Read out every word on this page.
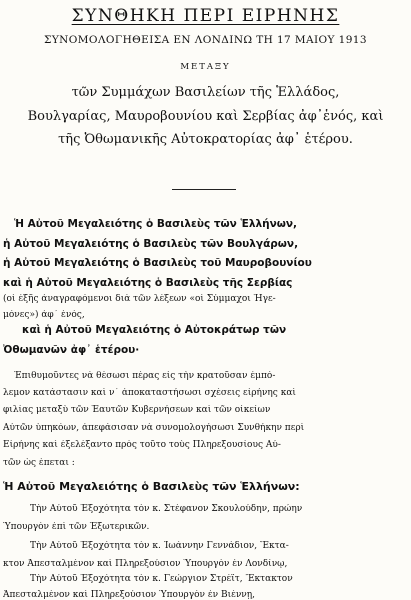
ΣΥΝΘΗΚΗ ΠΕΡΙ ΕΙΡΗΝΗΣ
ΣΥΝΟΜΟΛΟΓΗΘΕΙΣΑ ΕΝ ΛΟΝΔΙΝΩ ΤΗ 17 ΜΑΙΟΥ 1913
ΜΕΤΑΞΥ
τῶν Συμμάχων Βασιλείων τῆς Ἑλλάδος,
Βουλγαρίας, Μαυροβουνίου καὶ Σερβίας ἀφ᾽ἑνός, καὶ
τῆς Ὀθωμανικῆς Αὐτοκρατορίας ἀφ᾽ ἑτέρου.
Ἡ Αὐτοῦ Μεγαλειότης ὁ Βασιλεὺς τῶν Ἑλλήνων,
ἡ Αὐτοῦ Μεγαλειότης ὁ Βασιλεὺς τῶν Βουλγάρων,
ἡ Αὐτοῦ Μεγαλειότης ὁ Βασιλεὺς τοῦ Μαυροβουνίου
καὶ ἡ Αὐτοῦ Μεγαλειότης ὁ Βασιλεὺς τῆς Σερβίας
(οἱ ἐξῆς ἀναγραφόμενοι διὰ τῶν λέξεων «οἱ Σύμμαχοι Ἡγε-
μόνες») ἀφ᾽ ἑνός,
καὶ ἡ Αὐτοῦ Μεγαλειότης ὁ Αὐτοκράτωρ τῶν
Ὀθωμανῶν ἀφ᾽ ἑτέρου·
Ἐπιθυμοῦντες νὰ θέσωσι πέρας εἰς τὴν κρατοῦσαν ἐμπό-
λεμον κατάστασιν καὶ ν᾽ ἀποκαταστήσωσι σχέσεις εἰρήνης καὶ
φιλίας μεταξὺ τῶν Ἑαυτῶν Κυβερνήσεων καὶ τῶν οἰκείων
Αὐτῶν ὑπηκόων, ἀπεφάσισαν νὰ συνομολογήσωσι Συνθήκην περὶ
Εἰρήνης καὶ ἐξελέξαντο πρὸς τοῦτο τοὺς Πληρεξουσίους Αὐ-
τῶν ὡς ἑπεται :
Ἡ Αὐτοῦ Μεγαλειότης ὁ Βασιλεὺς τῶν Ἑλλήνων:
Τὴν Αὐτοῦ Ἐξοχότητα τὸν κ. Στέφανον Σκουλούδην, πρώην
Ὑπουργὸν ἐπὶ τῶν Ἐξωτερικῶν.
Τὴν Αὐτοῦ Ἐξοχότητα τὸν κ. Ἰωάννην Γεννάδιον, Ἔκτα-
κτον Ἀπεσταλμένον καὶ Πληρεξούσιον Ὑπουργὸν ἐν Λονδίνῳ,
Τὴν Αὐτοῦ Ἐξοχότητα τὸν κ. Γεώργιον Στρέϊτ, Ἔκτακτον
Ἀπεσταλμένον καὶ Πληρεξούσιον Ὑπουργὸν ἐν Βιέννῃ,
